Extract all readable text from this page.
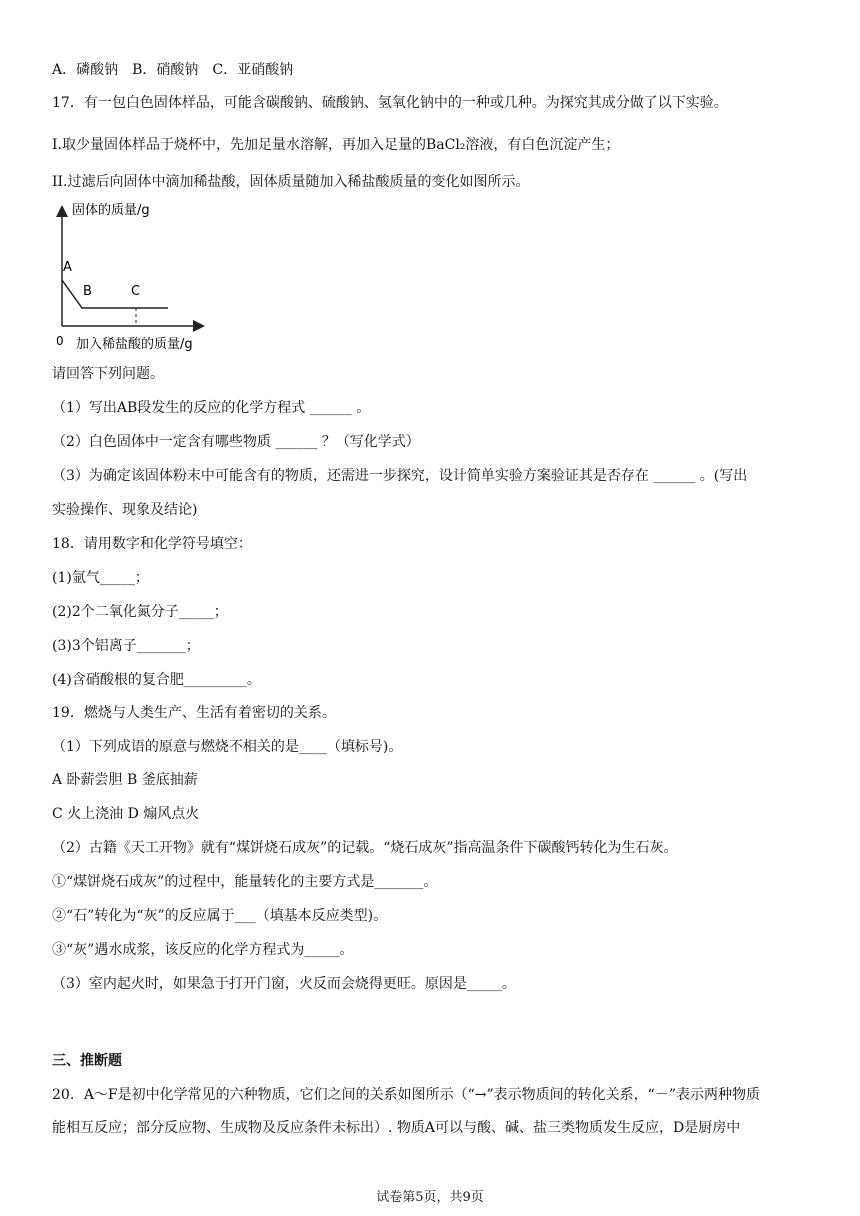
A．磷酸钠　B．硝酸钠　C．亚硝酸钠
17．有一包白色固体样品，可能含碳酸钠、硫酸钠、氢氧化钠中的一种或几种。为探究其成分做了以下实验。
I.取少量固体样品于烧杯中，先加足量水溶解，再加入足量的BaCl₂溶液，有白色沉淀产生；
II.过滤后向固体中滴加稀盐酸，固体质量随加入稀盐酸质量的变化如图所示。
固体的质量/g
加入稀盐酸的质量/g
0
A
B	C
请回答下列问题。
（1）写出AB段发生的反应的化学方程式 ______ 。
（2）白色固体中一定含有哪些物质 ______ ？（写化学式）
（3）为确定该固体粉末中可能含有的物质，还需进一步探究，设计简单实验方案验证其是否存在 ______ 。(写出
实验操作、现象及结论)
18．请用数字和化学符号填空：
(1)氩气_____；
(2)2个二氧化氮分子_____；
(3)3个铝离子_______；
(4)含硝酸根的复合肥_________。
19．燃烧与人类生产、生活有着密切的关系。
（1）下列成语的原意与燃烧不相关的是____（填标号)。
A 卧薪尝胆 B 釜底抽薪
C 火上浇油 D 煽风点火
（2）古籍《天工开物》就有“煤饼烧石成灰”的记载。“烧石成灰”指高温条件下碳酸钙转化为生石灰。
①“煤饼烧石成灰”的过程中，能量转化的主要方式是_______。
②“石”转化为“灰”的反应属于___（填基本反应类型)。
③“灰”遇水成浆，该反应的化学方程式为_____。
（3）室内起火时，如果急于打开门窗，火反而会烧得更旺。原因是_____。
三、推断题
20．A～F是初中化学常见的六种物质，它们之间的关系如图所示（“→”表示物质间的转化关系，“－”表示两种物质
能相互反应；部分反应物、生成物及反应条件未标出）. 物质A可以与酸、碱、盐三类物质发生反应，D是厨房中
试卷第5页，共9页
